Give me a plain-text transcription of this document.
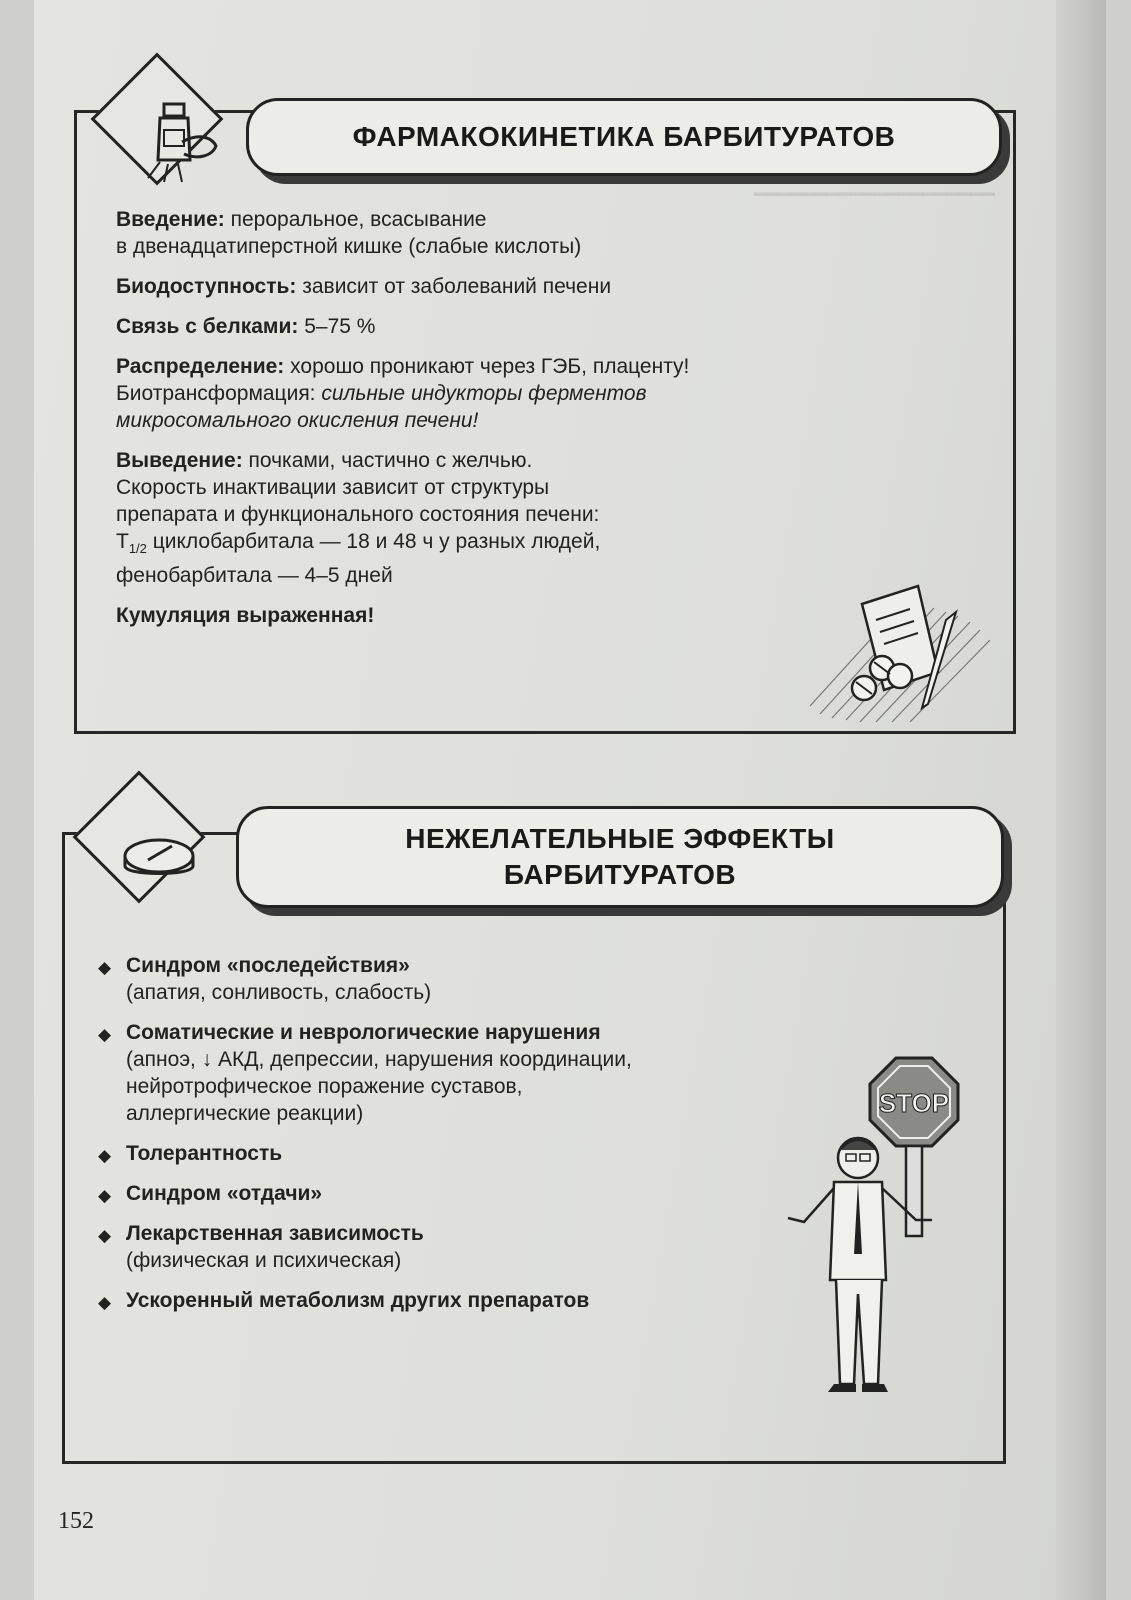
━━━━━━━━━━━━━━━━━━━━
ФАРМАКОКИНЕТИКА БАРБИТУРАТОВ

Введение: пероральное, всасывание

в двенадцатиперстной кишке (слабые кислоты)

Биодоступность: зависит от заболеваний печени

Связь с белками: 5–75 %

Распределение: хорошо проникают через ГЭБ, плаценту!

Биотрансформация: сильные индукторы ферментов

микросомального окисления печени!

Выведение: почками, частично с желчью.

Скорость инактивации зависит от структуры

препарата и функционального состояния печени:

$T_{1/2}$ циклобарбитала — 18 и 48 ч у разных людей,

фенобарбитала — 4–5 дней

Кумуляция выраженная!

НЕЖЕЛАТЕЛЬНЫЕ ЭФФЕКТЫ
БАРБИТУРАТОВ
◆ Синдром «последействия»
(апатия, сонливость, слабость)
◆ Соматические и неврологические нарушения
(апноэ, ↓ АКД, депрессии, нарушения координации,
нейротрофическое поражение суставов,
аллергические реакции)
◆ Толерантность
◆ Синдром «отдачи»
◆ Лекарственная зависимость
(физическая и психическая)
◆ Ускоренный метаболизм других препаратов
STOP
152
